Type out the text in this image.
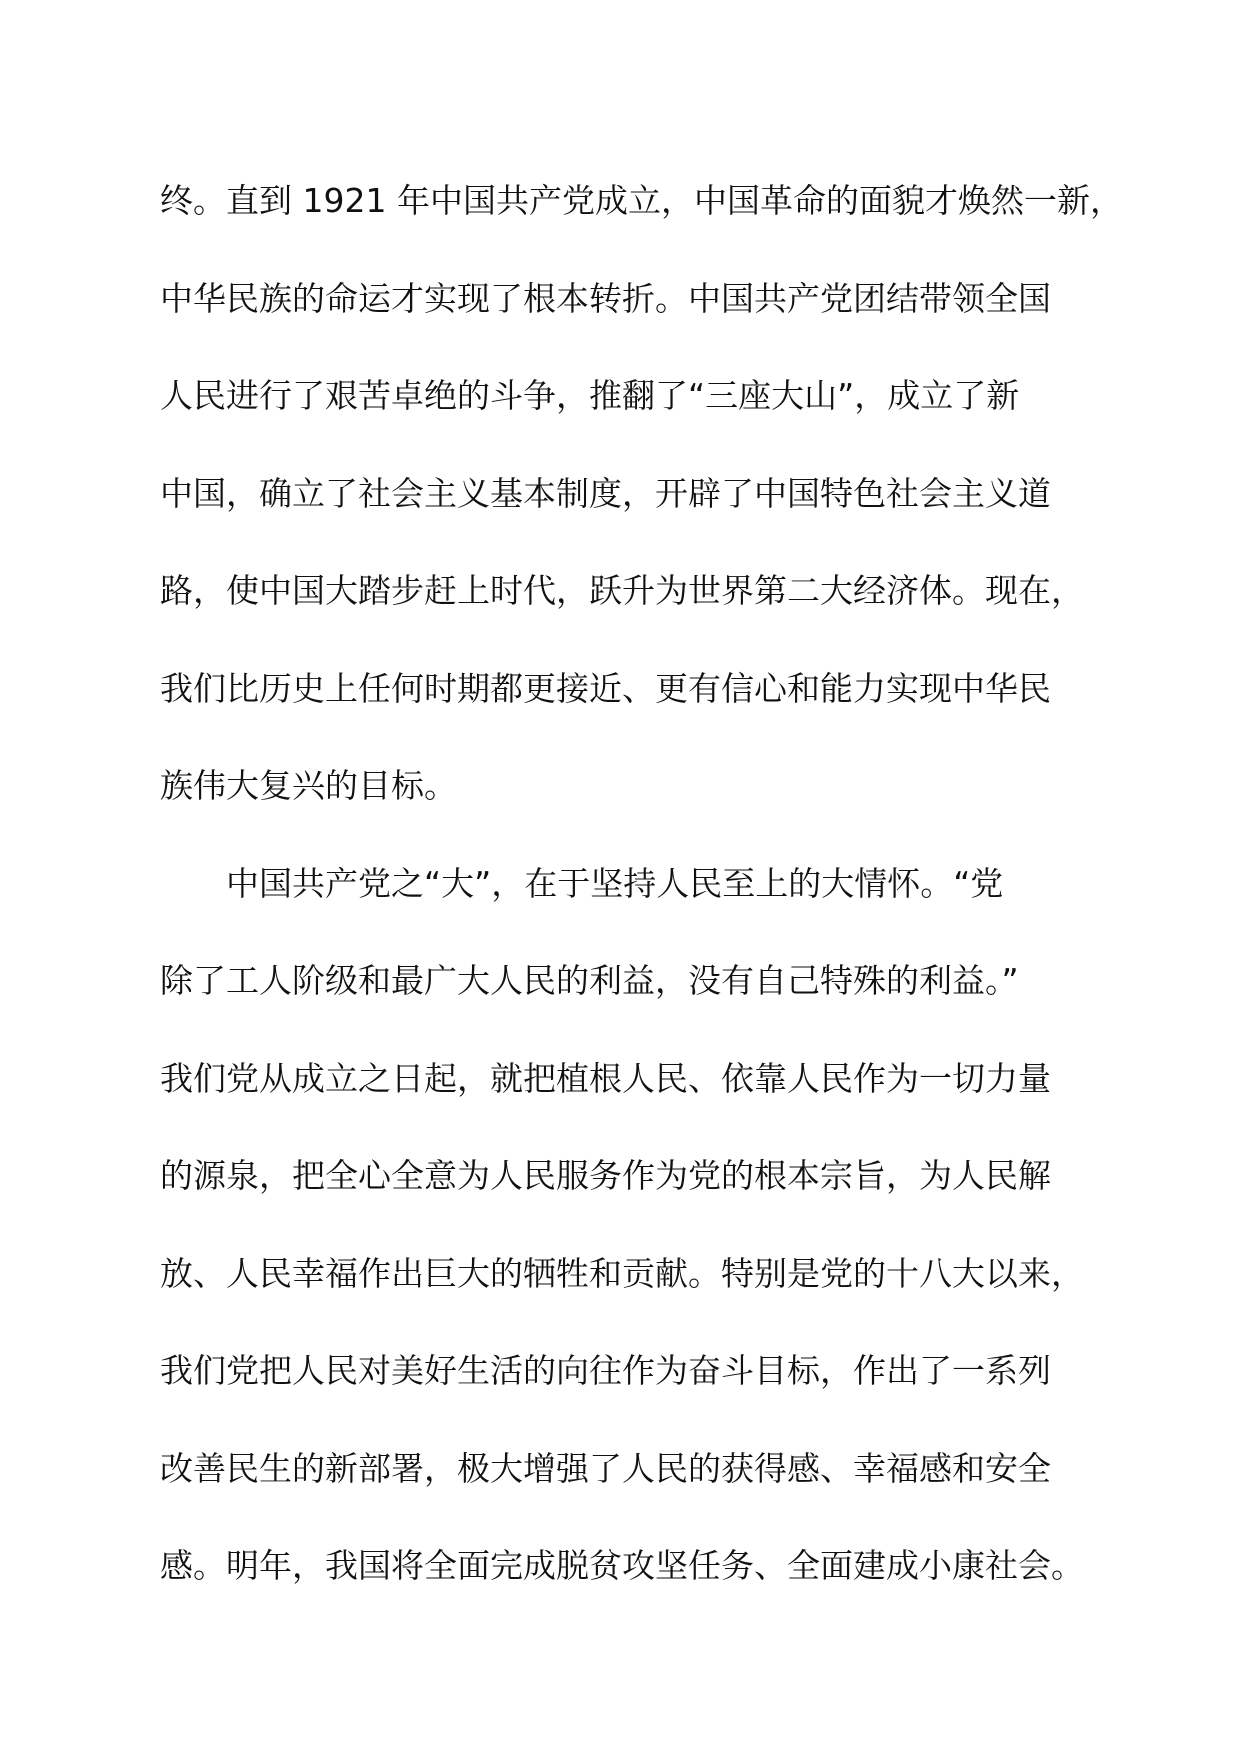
终。直到 1921 年中国共产党成立，中国革命的面貌才焕然一新，
中华民族的命运才实现了根本转折。中国共产党团结带领全国
人民进行了艰苦卓绝的斗争，推翻了“三座大山”，成立了新
中国，确立了社会主义基本制度，开辟了中国特色社会主义道
路，使中国大踏步赶上时代，跃升为世界第二大经济体。现在，
我们比历史上任何时期都更接近、更有信心和能力实现中华民
族伟大复兴的目标。
中国共产党之“大”，在于坚持人民至上的大情怀。“党
除了工人阶级和最广大人民的利益，没有自己特殊的利益。”
我们党从成立之日起，就把植根人民、依靠人民作为一切力量
的源泉，把全心全意为人民服务作为党的根本宗旨，为人民解
放、人民幸福作出巨大的牺牲和贡献。特别是党的十八大以来，
我们党把人民对美好生活的向往作为奋斗目标，作出了一系列
改善民生的新部署，极大增强了人民的获得感、幸福感和安全
感。明年，我国将全面完成脱贫攻坚任务、全面建成小康社会。
